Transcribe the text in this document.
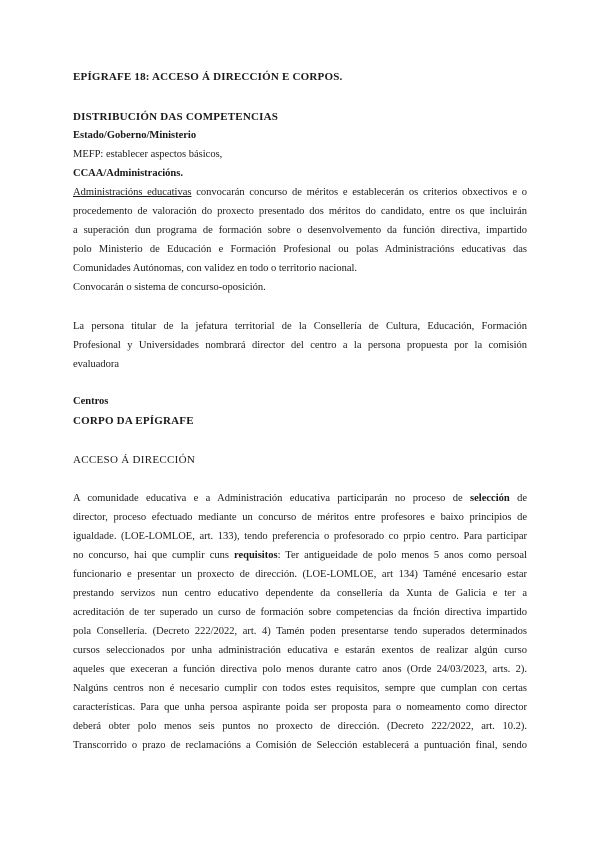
EPÍGRAFE 18: ACCESO Á DIRECCIÓN E CORPOS.
DISTRIBUCIÓN DAS COMPETENCIAS
Estado/Goberno/Ministerio
MEFP: establecer aspectos básicos,
CCAA/Administracións.
Administracións educativas convocarán concurso de méritos e establecerán os criterios obxectivos e o
procedemento de valoración do proxecto presentado dos méritos do candidato, entre os que incluirán
a superación dun programa de formación sobre o desenvolvemento da función directiva, impartido
polo Ministerio de Educación e Formación Profesional ou polas Administracións educativas das
Comunidades Autónomas, con validez en todo o territorio nacional.
Convocarán o sistema de concurso-oposición.
La persona titular de la jefatura territorial de la Consellería de Cultura, Educación, Formación
Profesional y Universidades nombrará director del centro a la persona propuesta por la comisión
evaluadora
Centros
CORPO DA EPÍGRAFE
ACCESO Á DIRECCIÓN
A comunidade educativa e a Administración educativa participarán no proceso de selección de
director, proceso efectuado mediante un concurso de méritos entre profesores e baixo principios de
igualdade. (LOE-LOMLOE, art. 133), tendo preferencia o profesorado co prpio centro. Para participar
no concurso, hai que cumplir cuns requisitos: Ter antigueidade de polo menos 5 anos como persoal
funcionario e presentar un proxecto de dirección. (LOE-LOMLOE, art 134) Taméné encesario estar
prestando servizos nun centro educativo dependente da consellería da Xunta de Galicia e ter a
acreditación de ter superado un curso de formación sobre competencias da fnción directiva impartido
pola Consellería. (Decreto 222/2022, art. 4) Tamén poden presentarse tendo superados determinados
cursos seleccionados por unha administración educativa e estarán exentos de realizar algún curso
aqueles que execeran a función directiva polo menos durante catro anos (Orde 24/03/2023, arts. 2).
Nalgúns centros non é necesario cumplir con todos estes requisitos, sempre que cumplan con certas
características. Para que unha persoa aspirante poida ser proposta para o nomeamento como director
deberá obter polo menos seis puntos no proxecto de dirección. (Decreto 222/2022, art. 10.2).
Transcorrido o prazo de reclamacións a Comisión de Selección establecerá a puntuación final, sendo
